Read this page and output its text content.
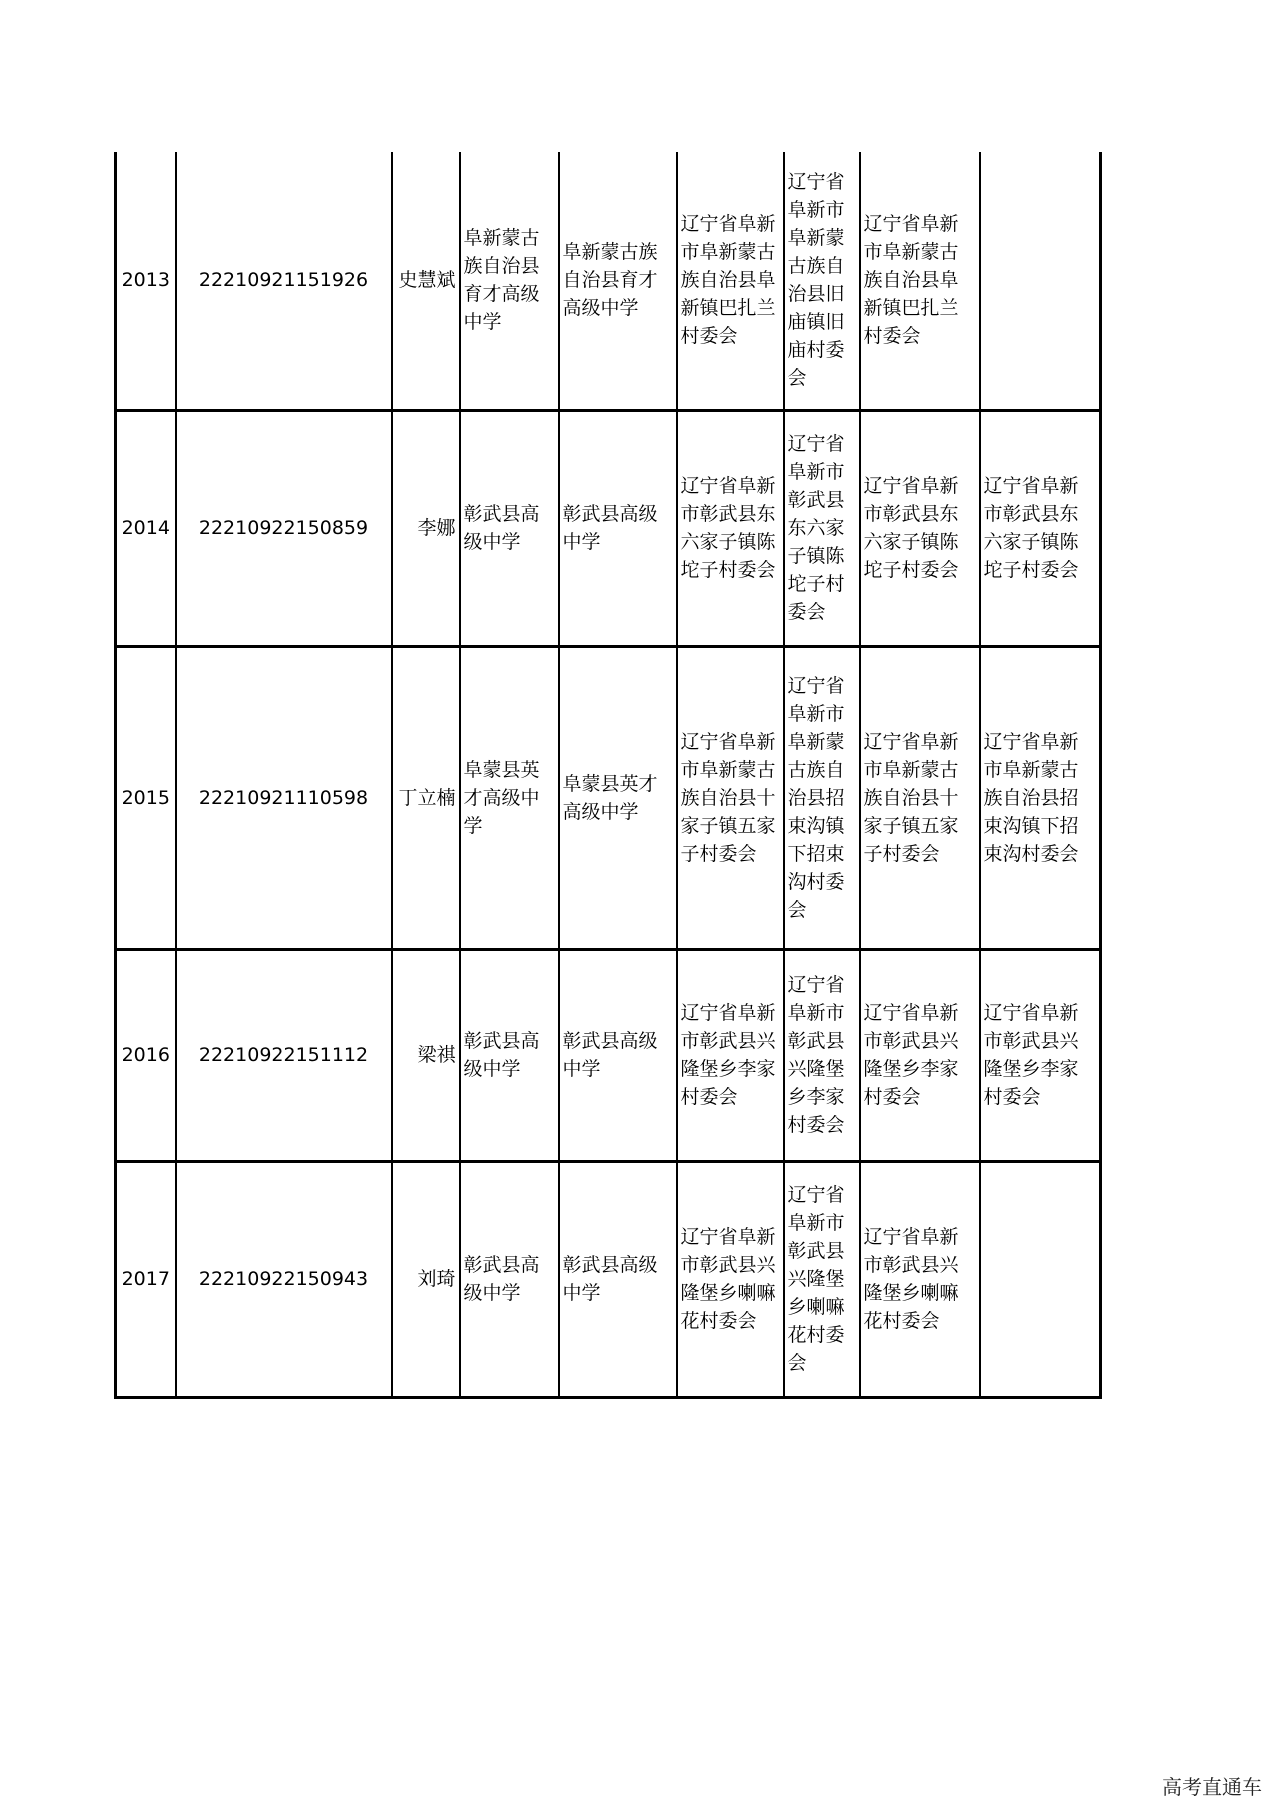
2013	22210921151926	史慧斌	阜新蒙古族自治县育才高级中学	阜新蒙古族自治县育才高级中学	辽宁省阜新市阜新蒙古族自治县阜新镇巴扎兰村委会	辽宁省阜新市阜新蒙古族自治县旧庙镇旧庙村委会	辽宁省阜新市阜新蒙古族自治县阜新镇巴扎兰村委会	
2014	22210922150859	李娜	彰武县高级中学	彰武县高级中学	辽宁省阜新市彰武县东六家子镇陈坨子村委会	辽宁省阜新市彰武县东六家子镇陈坨子村委会	辽宁省阜新市彰武县东六家子镇陈坨子村委会	辽宁省阜新市彰武县东六家子镇陈坨子村委会
2015	22210921110598	丁立楠	阜蒙县英才高级中学	阜蒙县英才高级中学	辽宁省阜新市阜新蒙古族自治县十家子镇五家子村委会	辽宁省阜新市阜新蒙古族自治县招束沟镇下招束沟村委会	辽宁省阜新市阜新蒙古族自治县十家子镇五家子村委会	辽宁省阜新市阜新蒙古族自治县招束沟镇下招束沟村委会
2016	22210922151112	梁祺	彰武县高级中学	彰武县高级中学	辽宁省阜新市彰武县兴隆堡乡李家村委会	辽宁省阜新市彰武县兴隆堡乡李家村委会	辽宁省阜新市彰武县兴隆堡乡李家村委会	辽宁省阜新市彰武县兴隆堡乡李家村委会
2017	22210922150943	刘琦	彰武县高级中学	彰武县高级中学	辽宁省阜新市彰武县兴隆堡乡喇嘛花村委会	辽宁省阜新市彰武县兴隆堡乡喇嘛花村委会	辽宁省阜新市彰武县兴隆堡乡喇嘛花村委会	
高考直通车
